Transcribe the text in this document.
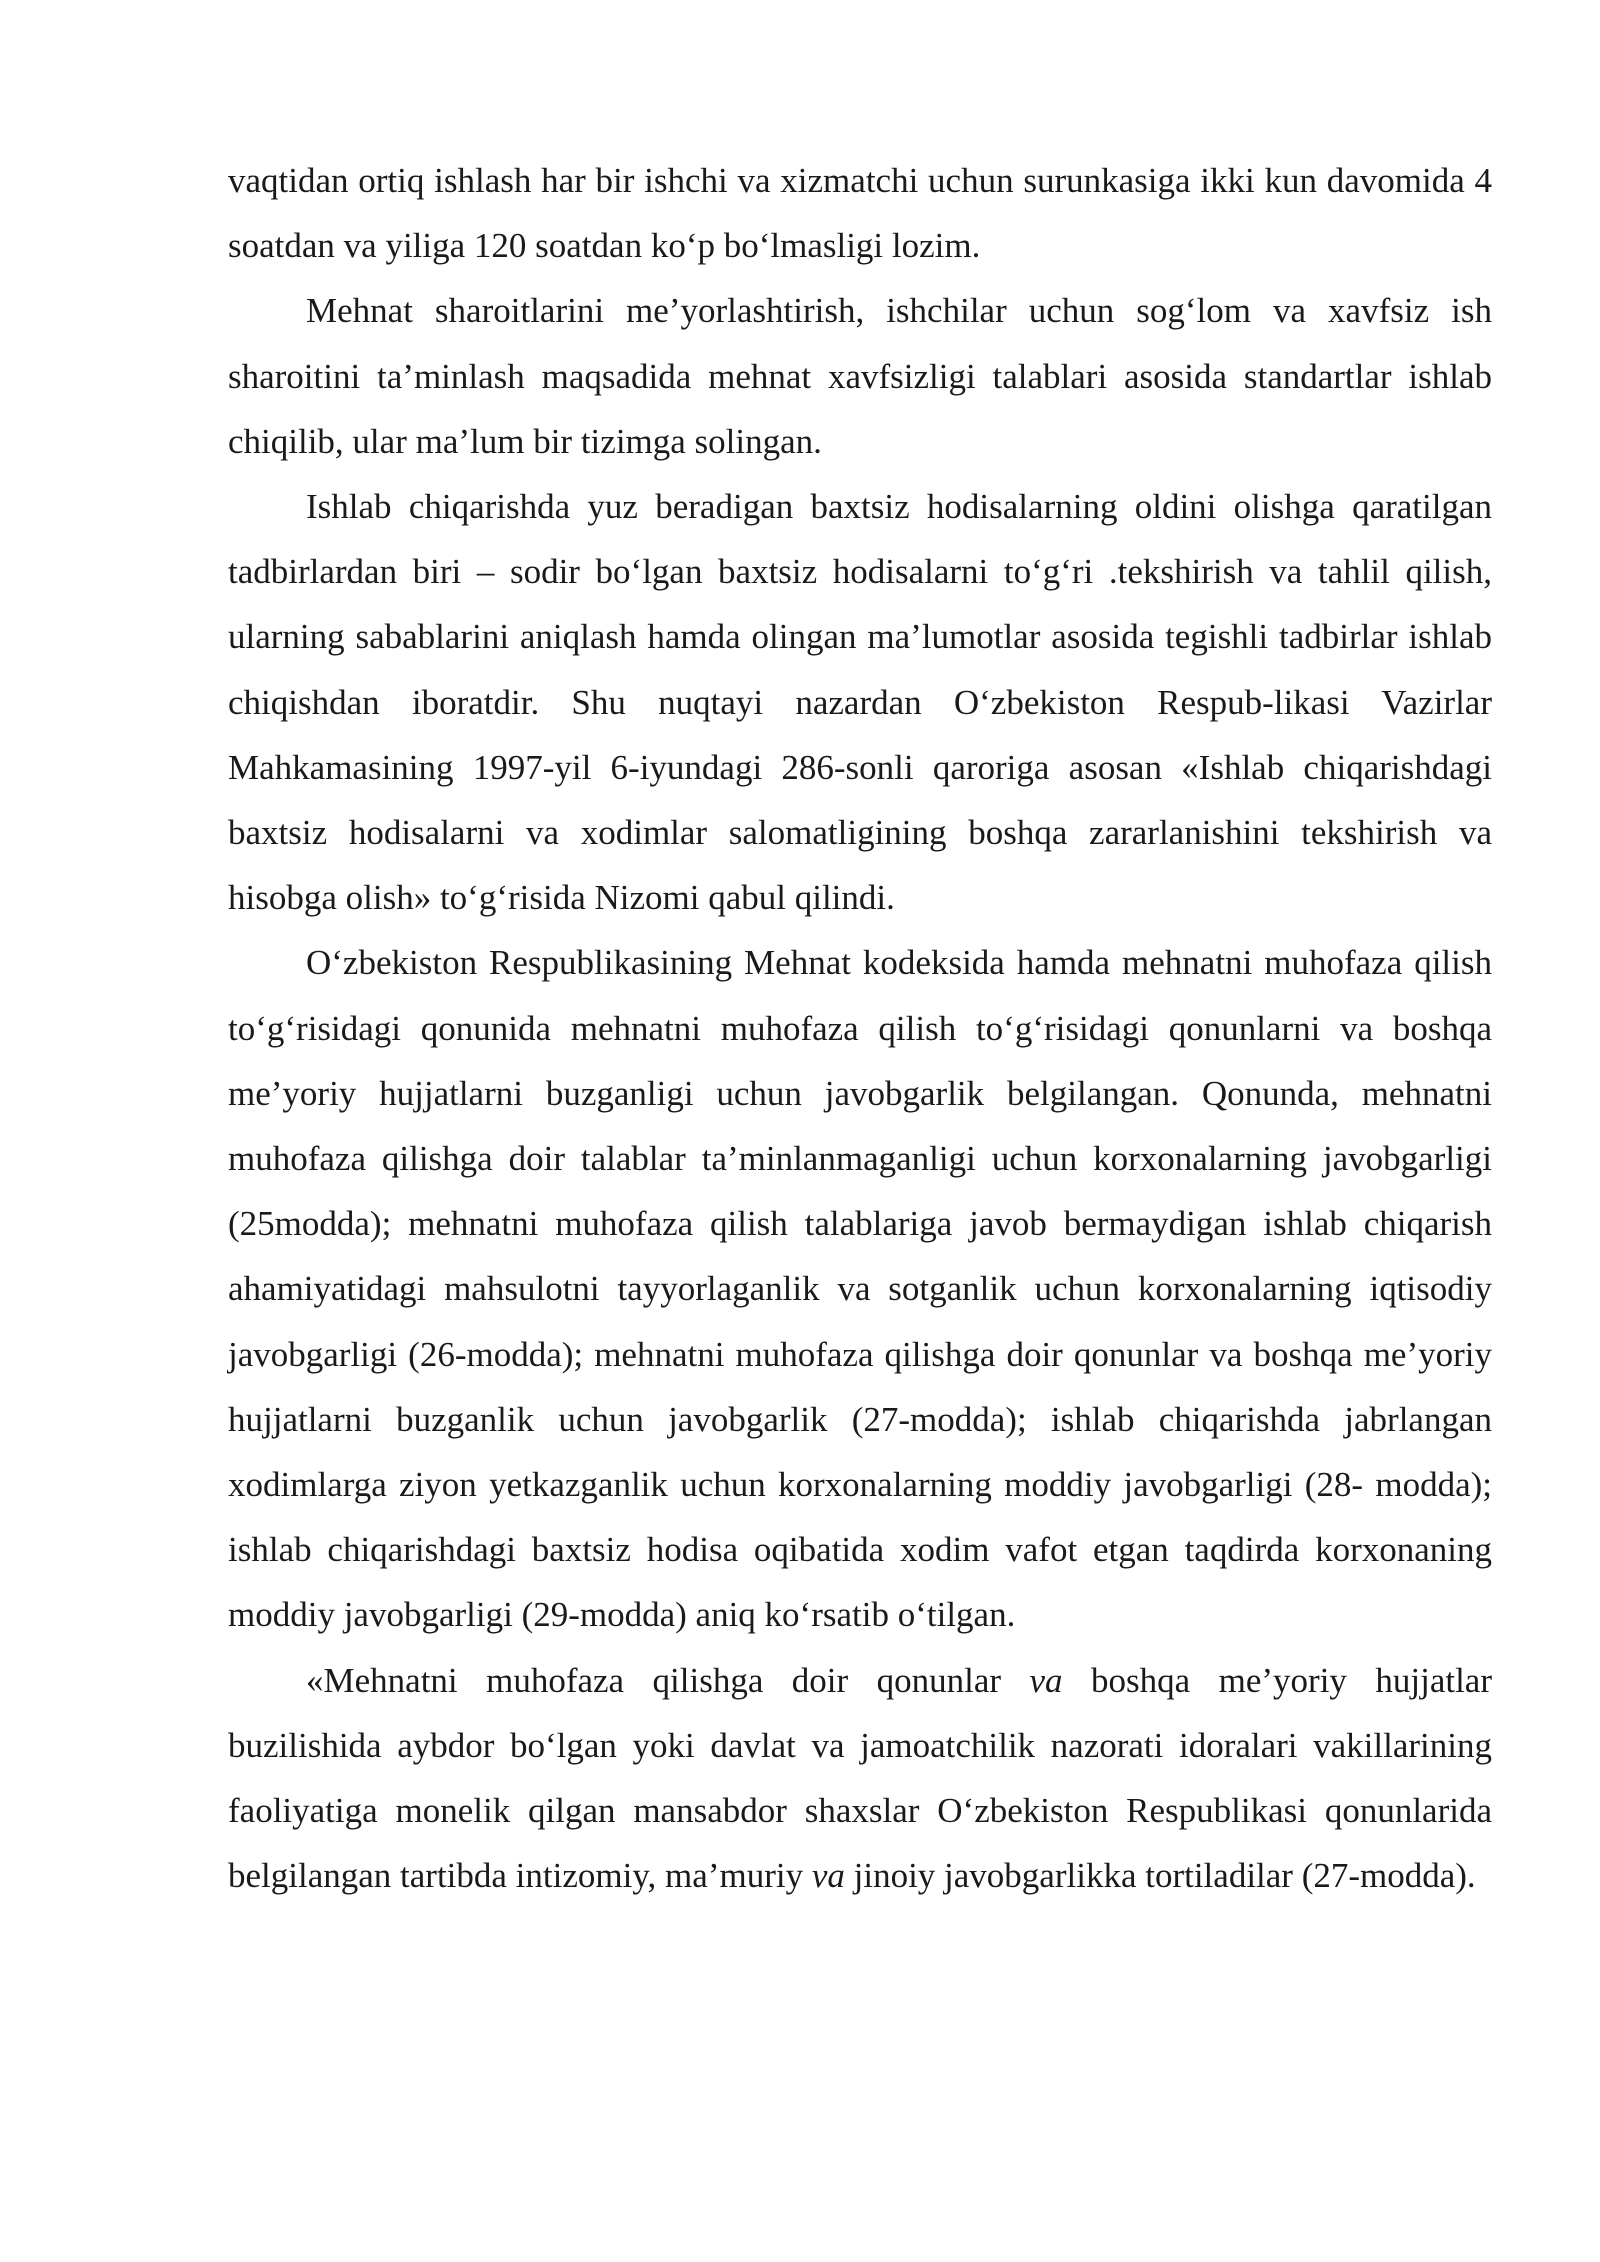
vaqtidan ortiq ishlash har bir ishchi va xizmatchi uchun surunkasiga ikki kun davomida 4 soatdan va yiliga 120 soatdan ko‘p bo‘lmasligi lozim.

Mehnat sharoitlarini me’yorlashtirish, ishchilar uchun sog‘lom va xavfsiz ish sharoitini ta’minlash maqsadida mehnat xavfsizligi talablari asosida standartlar ishlab chiqilib, ular ma’lum bir tizimga solingan.

Ishlab chiqarishda yuz beradigan baxtsiz hodisalarning oldini olishga qaratilgan tadbirlardan biri – sodir bo‘lgan baxtsiz hodisalarni to‘g‘ri .tekshirish va tahlil qilish, ularning sabablarini aniqlash hamda olingan ma’lumotlar asosida tegishli tadbirlar ishlab chiqishdan iboratdir. Shu nuqtayi nazardan O‘zbekiston Respub-likasi Vazirlar Mahkamasining 1997-yil 6-iyundagi 286-sonli qaroriga asosan «Ishlab chiqarishdagi baxtsiz hodisalarni va xodimlar salomatligining boshqa zararlanishini tekshirish va hisobga olish» to‘g‘risida Nizomi qabul qilindi.

O‘zbekiston Respublikasining Mehnat kodeksida hamda mehnatni muhofaza qilish to‘g‘risidagi qonunida mehnatni muhofaza qilish to‘g‘risidagi qonunlarni va boshqa me’yoriy hujjatlarni buzganligi uchun javobgarlik belgilangan. Qonunda, mehnatni muhofaza qilishga doir talablar ta’minlanmaganligi uchun korxonalarning javobgarligi (25modda); mehnatni muhofaza qilish talablariga javob bermaydigan ishlab chiqarish ahamiyatidagi mahsulotni tayyorlaganlik va sotganlik uchun korxonalarning iqtisodiy javobgarligi (26-modda); mehnatni muhofaza qilishga doir qonunlar va boshqa me’yoriy hujjatlarni buzganlik uchun javobgarlik (27-modda); ishlab chiqarishda jabrlangan xodimlarga ziyon yetkazganlik uchun korxonalarning moddiy javobgarligi (28- modda); ishlab chiqarishdagi baxtsiz hodisa oqibatida xodim vafot etgan taqdirda korxonaning moddiy javobgarligi (29-modda) aniq ko‘rsatib o‘tilgan.

«Mehnatni muhofaza qilishga doir qonunlar va boshqa me’yoriy hujjatlar buzilishida aybdor bo‘lgan yoki davlat va jamoatchilik nazorati idoralari vakillarining faoliyatiga monelik qilgan mansabdor shaxslar O‘zbekiston Respublikasi qonunlarida belgilangan tartibda intizomiy, ma’muriy va jinoiy javobgarlikka tortiladilar (27-modda).
